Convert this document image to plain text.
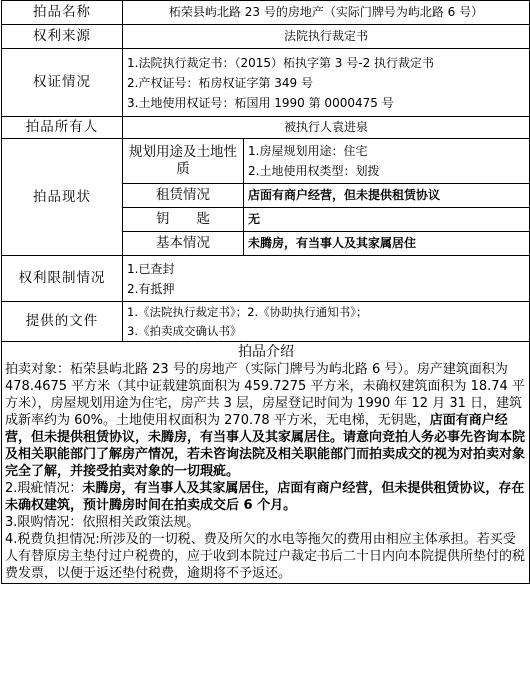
拍品名称	柘荣县屿北路 23 号的房地产（实际门牌号为屿北路 6 号）	
权利来源	法院执行裁定书	
权证情况	1.法院执行裁定书：（2015）柘执字第 3 号-2 执行裁定书
2.产权证号：柘房权证字第 349 号
3.土地使用权证号：柘国用 1990 第 0000475 号	

拍品所有人	被执行人袁进泉	
拍品现状	规划用途及土地性质	1.房屋规划用途：住宅
2.土地使用权类型：划拨

	租赁情况	店面有商户经营，但未提供租赁协议
	钥　　匙	无
	基本情况	未腾房，有当事人及其家属居住
权利限制情况	1.已查封
2.有抵押	

提供的文件	1.《法院执行裁定书》；2.《协助执行通知书》；
3.《拍卖成交确认书》	

拍品介绍

拍卖对象：柘荣县屿北路 23 号的房地产（实际门牌号为屿北路 6 号）。房产建筑面积为 478.4675 平方米（其中证载建筑面积为 459.7275 平方米，未确权建筑面积为 18.74 平方米），房屋规划用途为住宅，房产共 3 层，房屋登记时间为 1990 年 12 月 31 日，建筑成新率约为 60%。土地使用权面积为 270.78 平方米，无电梯，无钥匙，店面有商户经营，但未提供租赁协议，未腾房，有当事人及其家属居住。请意向竞拍人务必事先咨询本院及相关职能部门了解房产情况，若未咨询法院及相关职能部门而拍卖成交的视为对拍卖对象完全了解，并接受拍卖对象的一切瑕疵。

2.瑕疵情况：未腾房，有当事人及其家属居住，店面有商户经营，但未提供租赁协议，存在未确权建筑，预计腾房时间在拍卖成交后 6 个月。

3.限购情况：依照相关政策法规。

4.税费负担情况:所涉及的一切税、费及所欠的水电等拖欠的费用由相应主体承担。若买受人有替原房主垫付过户税费的，应于收到本院过户裁定书后二十日内向本院提供所垫付的税费发票，以便于返还垫付税费，逾期将不予返还。		
